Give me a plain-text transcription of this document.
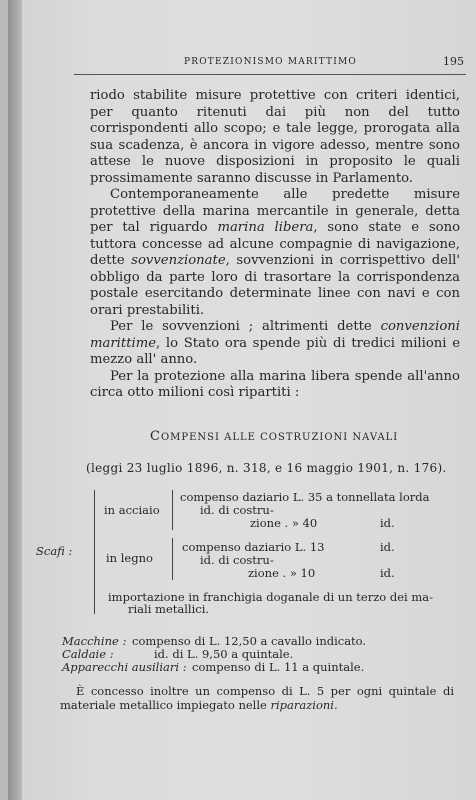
PROTEZIONISMO MARITTIMO	195

riodo stabilite misure protettive con criteri identici, per quanto ritenuti dai più non del tutto corrispondenti allo scopo; e tale legge, prorogata alla sua scadenza, è ancora in vigore adesso, mentre sono attese le nuove disposizioni in proposito le quali prossimamente saranno discusse in Parlamento.

Contemporaneamente alle predette misure protettive della marina mercantile in generale, detta per tal riguardo marina libera, sono state e sono tuttora concesse ad alcune compagnie di navigazione, dette sovvenzionate, sovvenzioni in corrispettivo dell' obbligo da parte loro di trasortare la corrispondenza postale esercitando determinate linee con navi e con orari prestabiliti.

Per le sovvenzioni ; altrimenti dette convenzioni marittime, lo Stato ora spende più di tredici milioni e mezzo all' anno.

Per la protezione alla marina libera spende all'anno circa otto milioni così ripartiti :

COMPENSI ALLE COSTRUZIONI NAVALI
(leggi 23 luglio 1896, n. 318, e 16 maggio 1901, n. 176).
Scafi :
in acciaio
compenso daziario L. 35 a tonnellata lorda
id. di costru-
zione . » 40	id.
in legno
compenso daziario L. 13	id.
id. di costru-
zione . » 10	id.
importazione in franchigia doganale di un terzo dei ma-
riali metallici.
Macchine : compenso di L. 12,50 a cavallo indicato.
Caldaie :	id. di L. 9,50 a quintale.
Apparecchi ausiliari : compenso di L. 11 a quintale.
È concesso inoltre un compenso di L. 5 per ogni quintale di materiale metallico impiegato nelle riparazioni.
